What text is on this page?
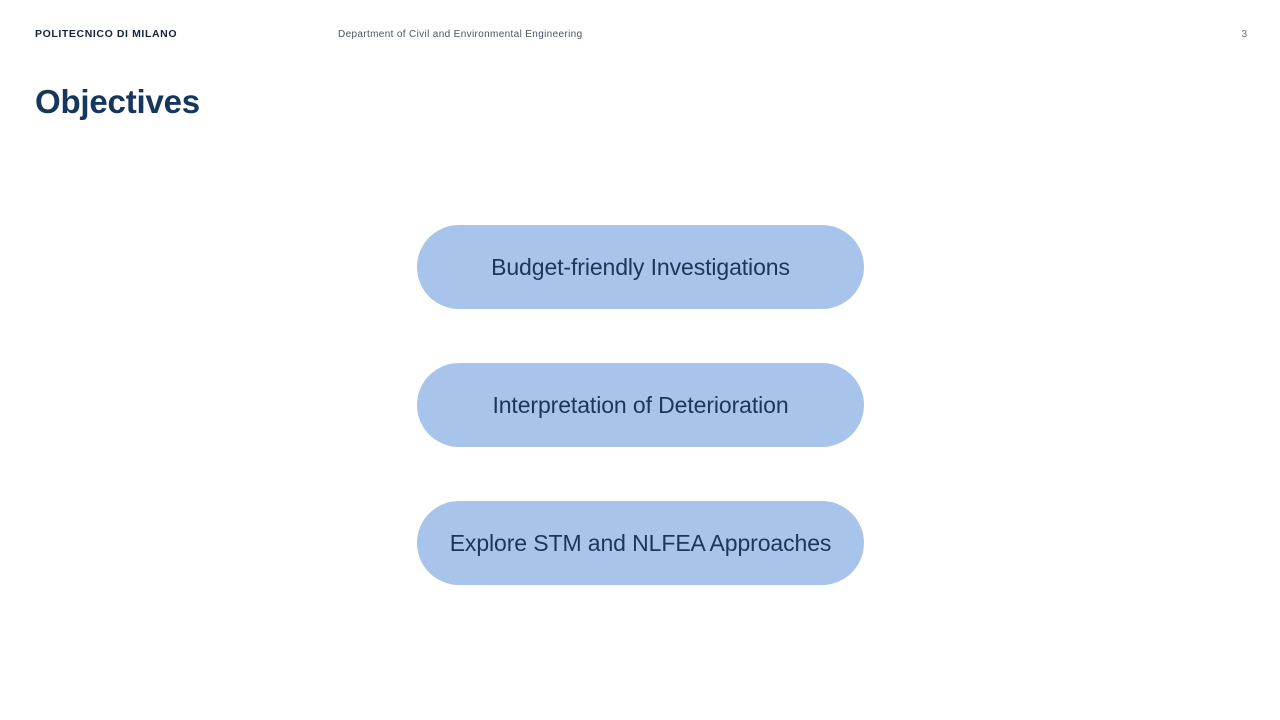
POLITECNICO DI MILANO	Department of Civil and Environmental Engineering	3
Objectives
Budget-friendly Investigations
Interpretation of Deterioration
Explore STM and NLFEA Approaches
